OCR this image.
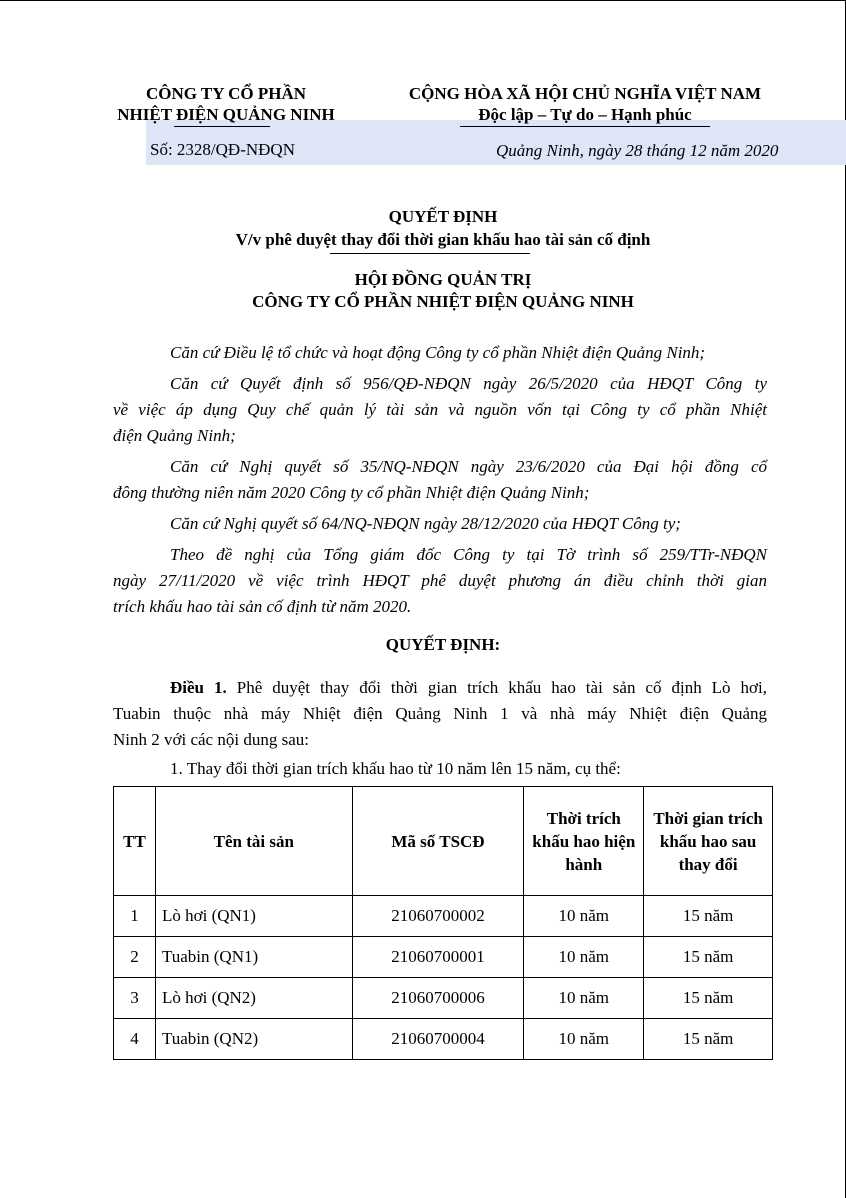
CÔNG TY CỔ PHẦN
NHIỆT ĐIỆN QUẢNG NINH
Số: 2328/QĐ-NĐQN
CỘNG HÒA XÃ HỘI CHỦ NGHĨA VIỆT NAM
Độc lập – Tự do – Hạnh phúc
Quảng Ninh, ngày 28 tháng 12 năm 2020
QUYẾT ĐỊNH
V/v phê duyệt thay đổi thời gian khấu hao tài sản cố định
HỘI ĐỒNG QUẢN TRỊ
CÔNG TY CỔ PHẦN NHIỆT ĐIỆN QUẢNG NINH
Căn cứ Điều lệ tổ chức và hoạt động Công ty cổ phần Nhiệt điện Quảng Ninh;
Căn cứ Quyết định số 956/QĐ-NĐQN ngày 26/5/2020 của HĐQT Công ty
về việc áp dụng Quy chế quản lý tài sản và nguồn vốn tại Công ty cổ phần Nhiệt
điện Quảng Ninh;
Căn cứ Nghị quyết số 35/NQ-NĐQN ngày 23/6/2020 của Đại hội đồng cổ
đông thường niên năm 2020 Công ty cổ phần Nhiệt điện Quảng Ninh;
Căn cứ Nghị quyết số 64/NQ-NĐQN ngày 28/12/2020 của HĐQT Công ty;
Theo đề nghị của Tổng giám đốc Công ty tại Tờ trình số 259/TTr-NĐQN
ngày 27/11/2020 về việc trình HĐQT phê duyệt phương án điều chỉnh thời gian
trích khấu hao tài sản cố định từ năm 2020.
QUYẾT ĐỊNH:
Điều 1. Phê duyệt thay đổi thời gian trích khấu hao tài sản cố định Lò hơi,
Tuabin thuộc nhà máy Nhiệt điện Quảng Ninh 1 và nhà máy Nhiệt điện Quảng
Ninh 2 với các nội dung sau:
1. Thay đổi thời gian trích khấu hao từ 10 năm lên 15 năm, cụ thể:
TT	Tên tài sản	Mã số TSCĐ	Thời trích khấu hao hiện hành	Thời gian trích khấu hao sau thay đổi
1	Lò hơi (QN1)	21060700002	10 năm	15 năm
2	Tuabin (QN1)	21060700001	10 năm	15 năm
3	Lò hơi (QN2)	21060700006	10 năm	15 năm
4	Tuabin (QN2)	21060700004	10 năm	15 năm
